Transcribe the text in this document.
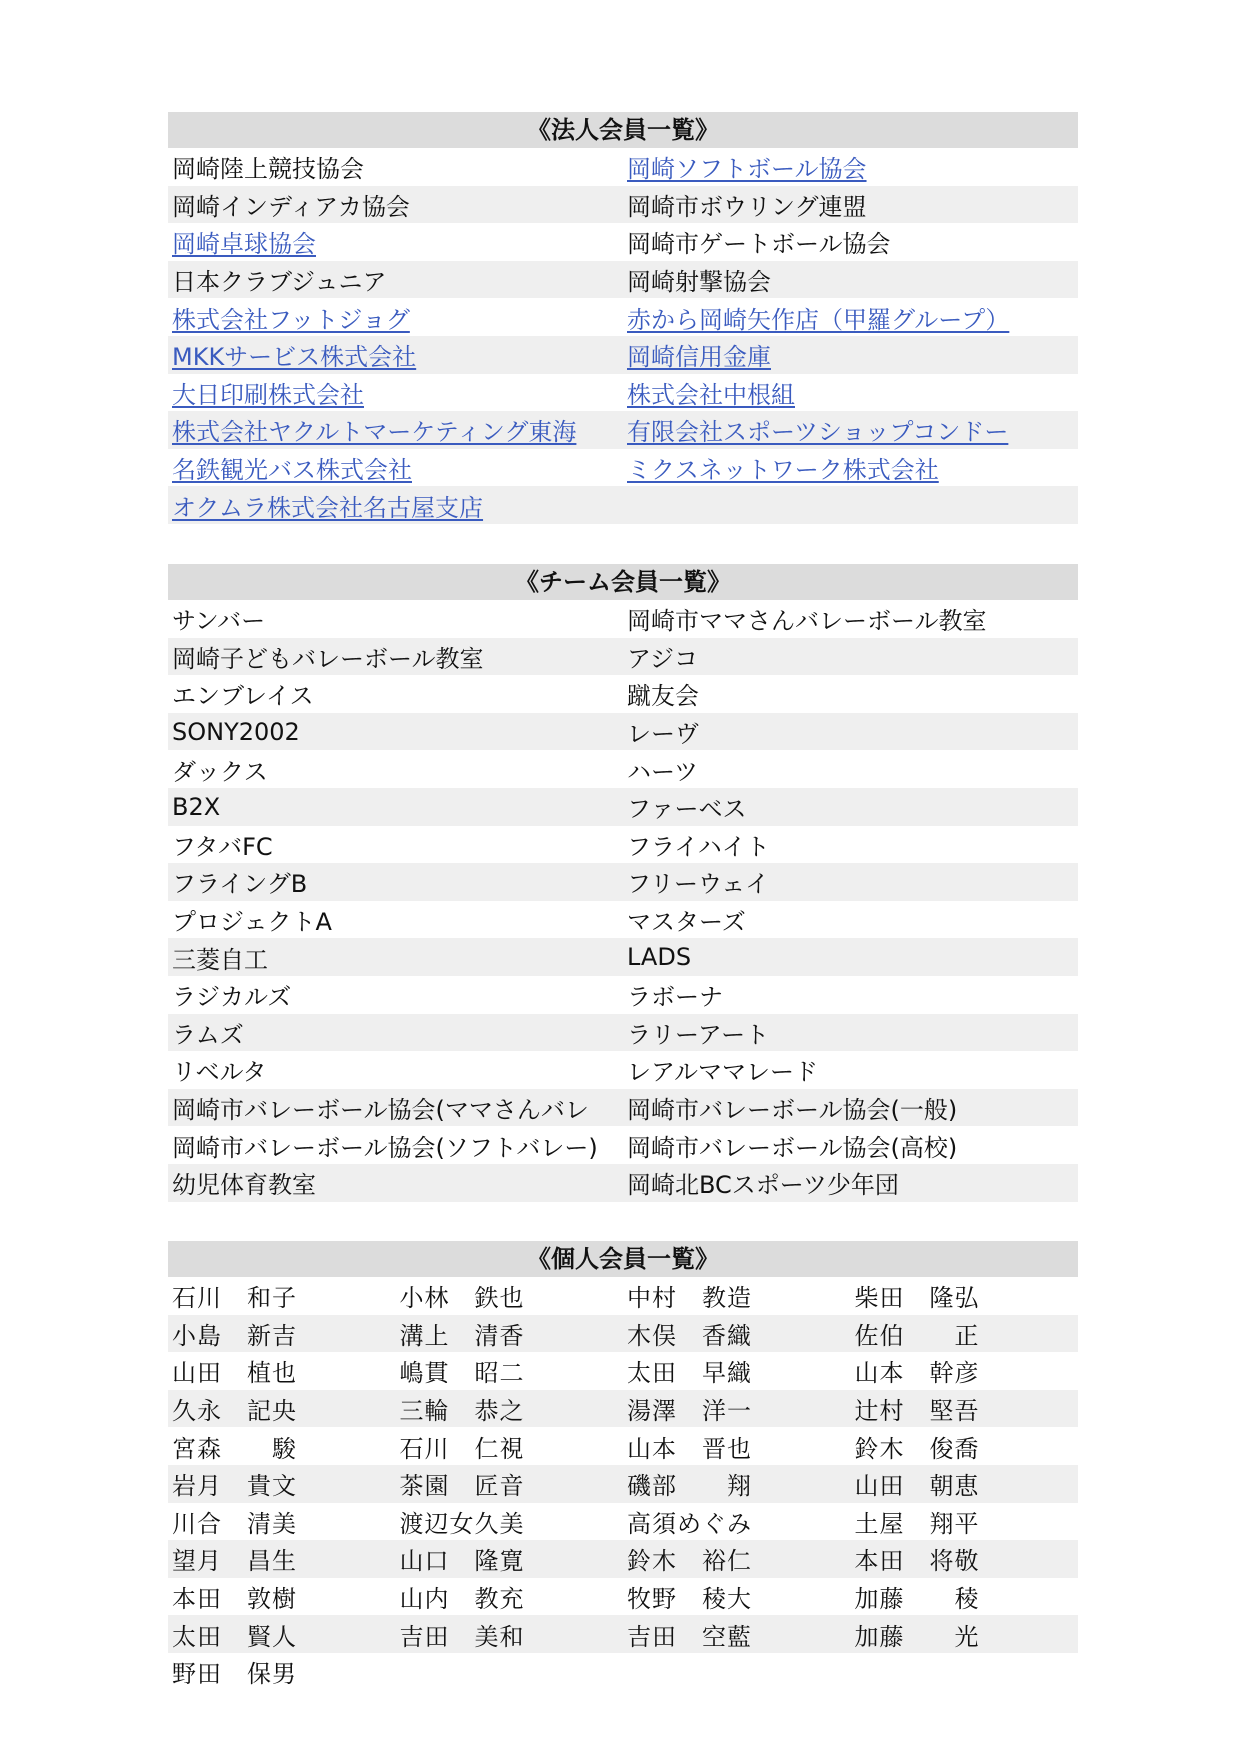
《法人会員一覧》
岡崎陸上競技協会	岡崎ソフトボール協会
岡崎インディアカ協会	岡崎市ボウリング連盟
岡崎卓球協会	岡崎市ゲートボール協会
日本クラブジュニア	岡崎射撃協会
株式会社フットジョグ	赤から岡崎矢作店（甲羅グループ）
MKKサービス株式会社	岡崎信用金庫
大日印刷株式会社	株式会社中根組
株式会社ヤクルトマーケティング東海	有限会社スポーツショップコンドー
名鉄観光バス株式会社	ミクスネットワーク株式会社
オクムラ株式会社名古屋支店
《チーム会員一覧》
サンバー	岡崎市ママさんバレーボール教室
岡崎子どもバレーボール教室	アジコ
エンブレイス	蹴友会
SONY2002	レーヴ
ダックス	ハーツ
B2X	ファーベス
フタバFC	フライハイト
フライングB	フリーウェイ
プロジェクトA	マスターズ
三菱自工	LADS
ラジカルズ	ラボーナ
ラムズ	ラリーアート
リベルタ	レアルママレード
岡崎市バレーボール協会(ママさんバレ	岡崎市バレーボール協会(一般)
岡崎市バレーボール協会(ソフトバレー)	岡崎市バレーボール協会(高校)
幼児体育教室	岡崎北BCスポーツ少年団
《個人会員一覧》
石川　和子	小林　鉄也	中村　教造	柴田　隆弘
小島　新吉	溝上　清香	木俣　香織	佐伯　　正
山田　植也	嶋貫　昭二	太田　早織	山本　幹彦
久永　記央	三輪　恭之	湯澤　洋一	辻村　堅吾
宮森　　駿	石川　仁視	山本　晋也	鈴木　俊喬
岩月　貴文	茶園　匠音	磯部　　翔	山田　朝恵
川合　清美	渡辺女久美	高須めぐみ	土屋　翔平
望月　昌生	山口　隆寛	鈴木　裕仁	本田　将敬
本田　敦樹	山内　教充	牧野　稜大	加藤　　稜
太田　賢人	吉田　美和	吉田　空藍	加藤　　光
野田　保男
